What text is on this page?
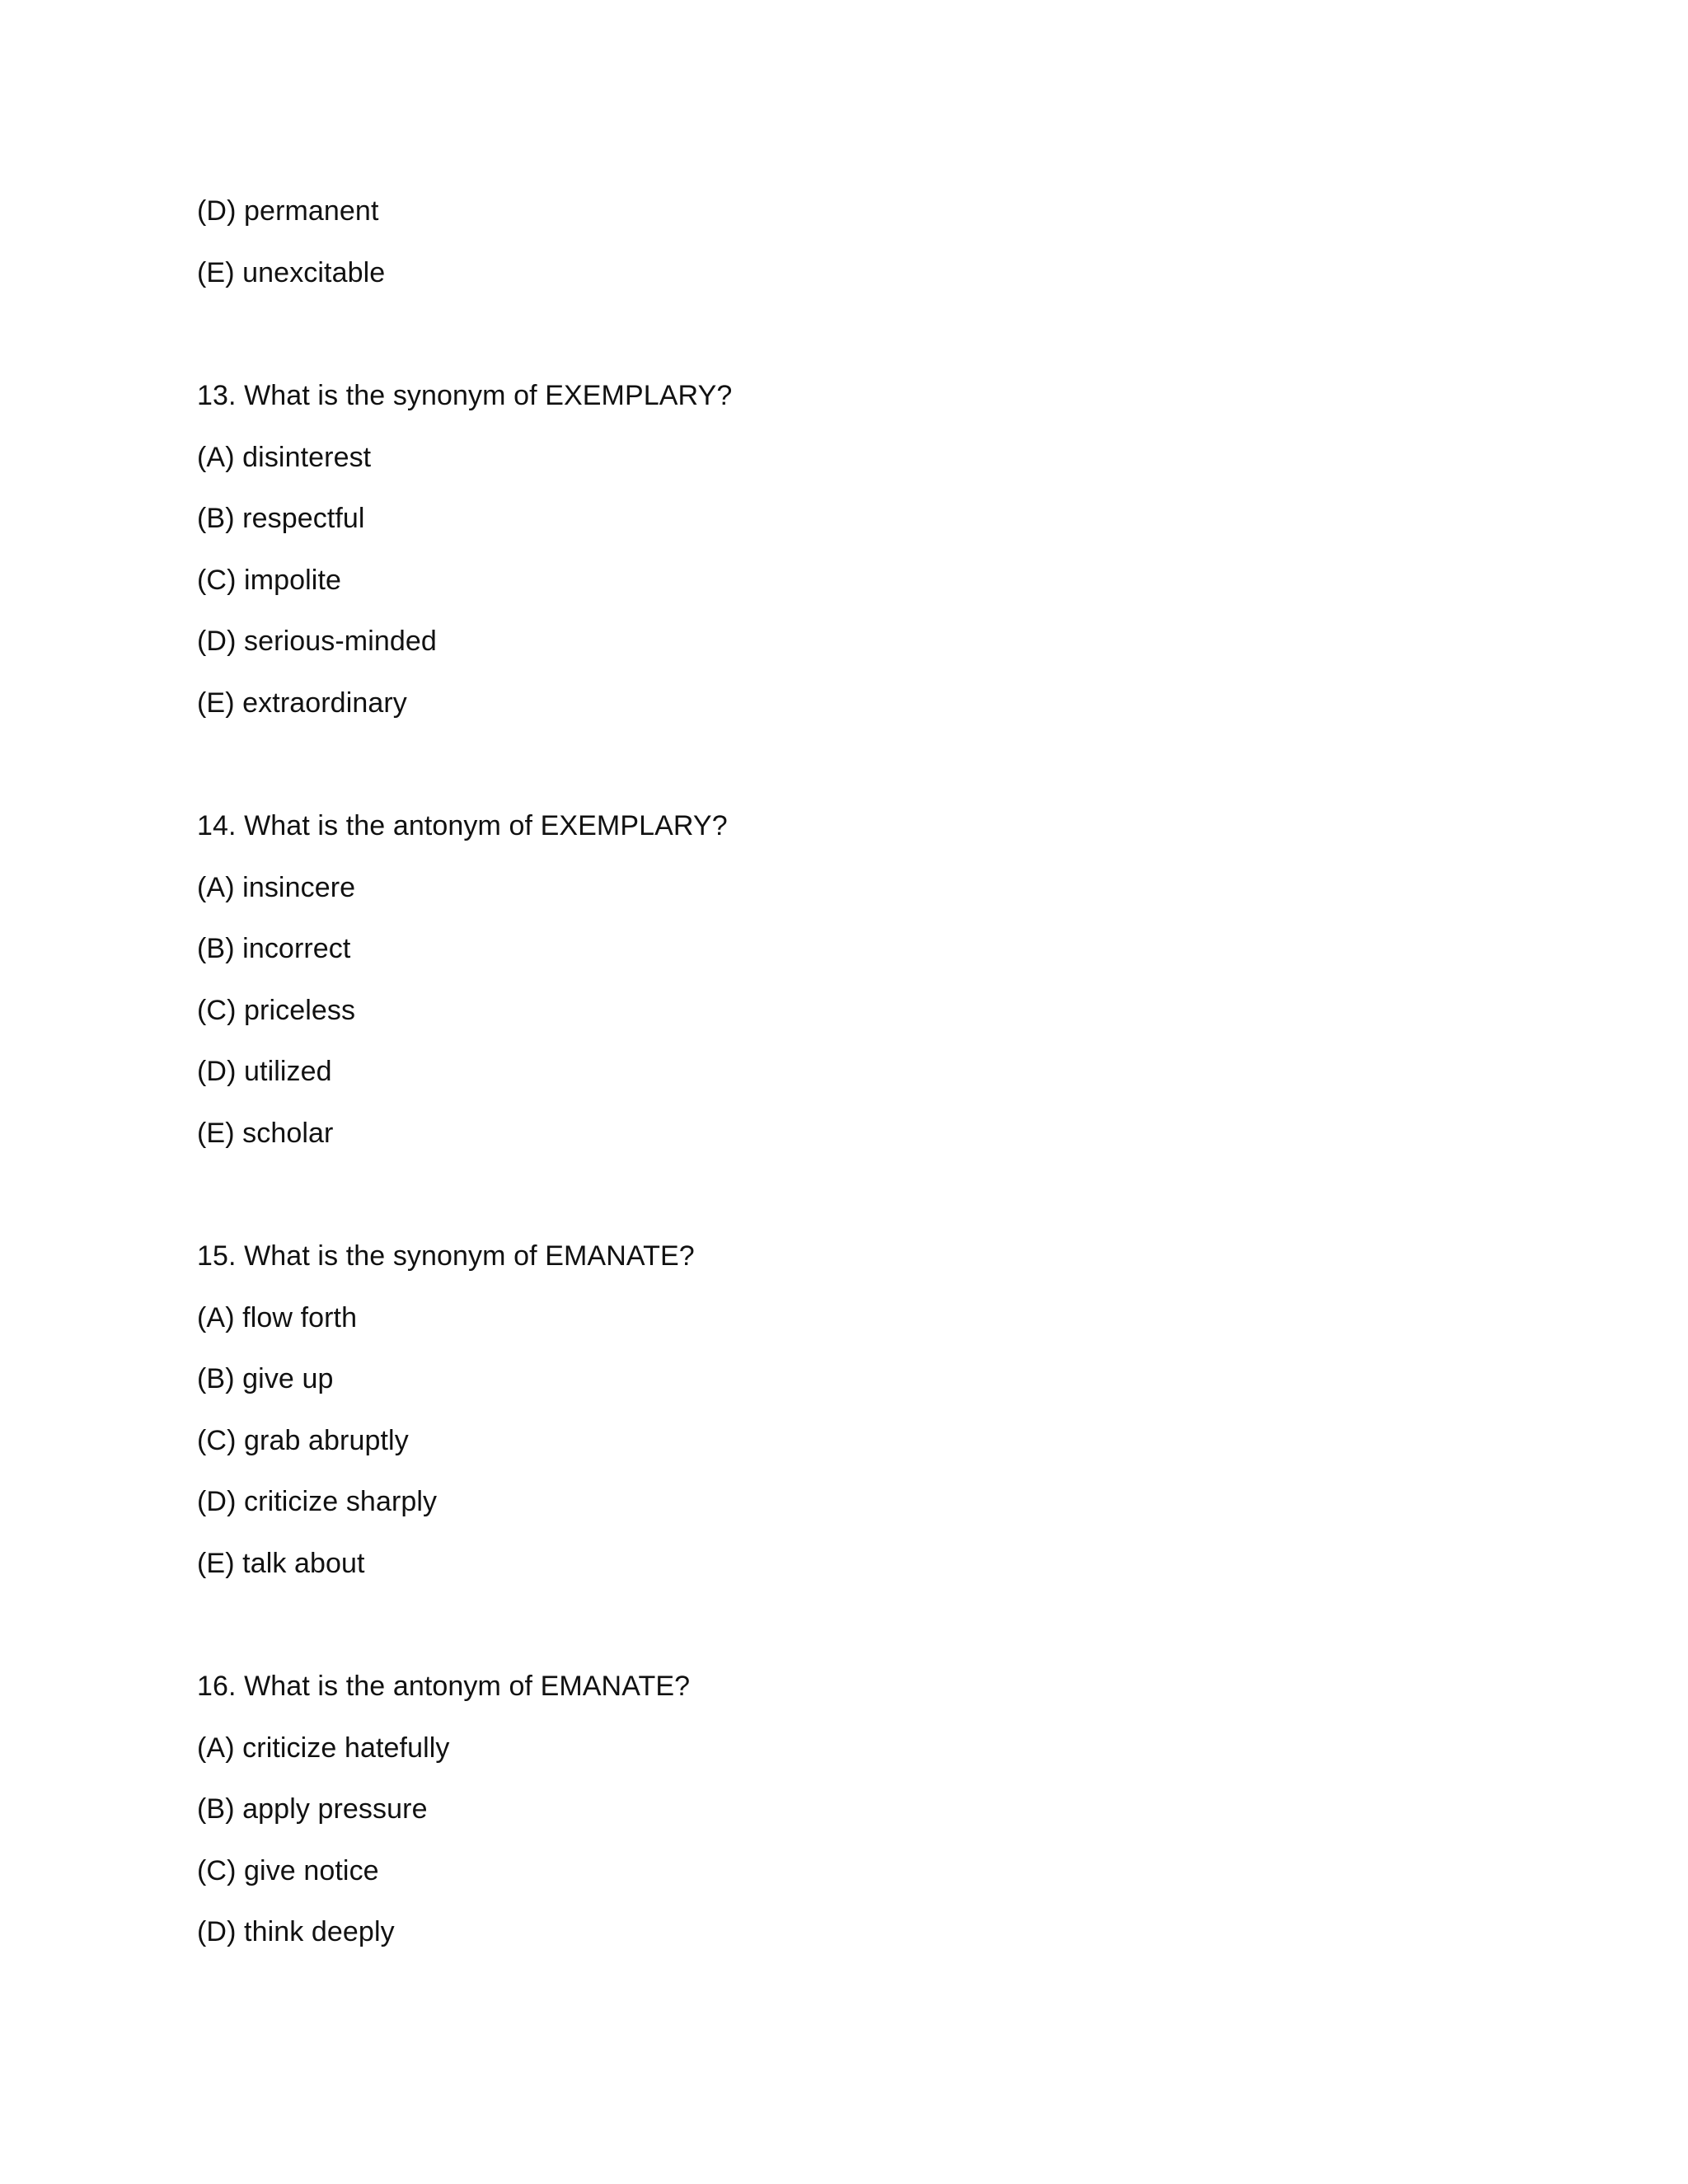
(D) permanent
(E) unexcitable
13. What is the synonym of EXEMPLARY?
(A) disinterest
(B) respectful
(C) impolite
(D) serious-minded
(E) extraordinary
14. What is the antonym of EXEMPLARY?
(A) insincere
(B) incorrect
(C) priceless
(D) utilized
(E) scholar
15. What is the synonym of EMANATE?
(A) flow forth
(B) give up
(C) grab abruptly
(D) criticize sharply
(E) talk about
16. What is the antonym of EMANATE?
(A) criticize hatefully
(B) apply pressure
(C) give notice
(D) think deeply
